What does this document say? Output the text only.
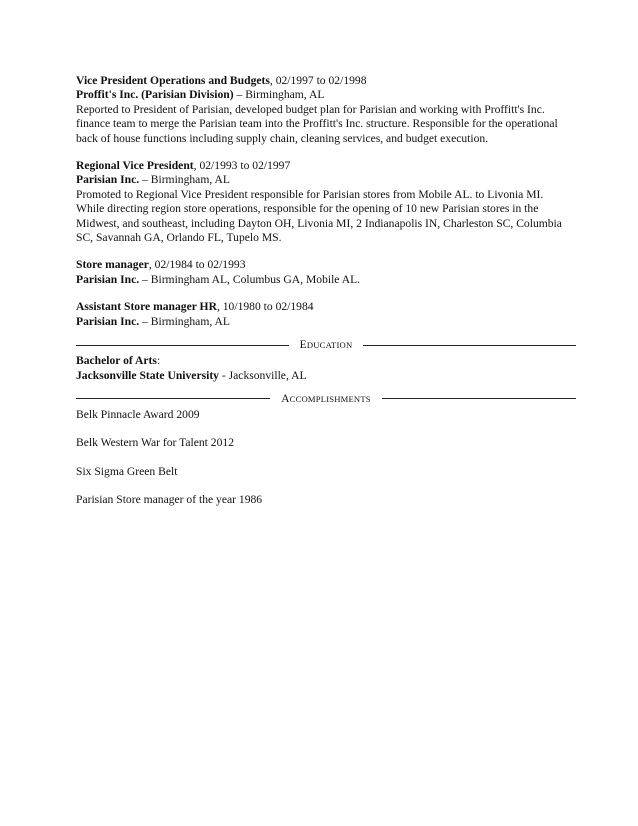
Vice President Operations and Budgets, 02/1997 to 02/1998
Proffit's Inc. (Parisian Division) – Birmingham, AL
Reported to President of Parisian, developed budget plan for Parisian and working with Proffitt's Inc.
finance team to merge the Parisian team into the Proffitt's Inc. structure. Responsible for the operational
back of house functions including supply chain, cleaning services, and budget execution.
Regional Vice President, 02/1993 to 02/1997
Parisian Inc. – Birmingham, AL
Promoted to Regional Vice President responsible for Parisian stores from Mobile AL. to Livonia MI.
While directing region store operations, responsible for the opening of 10 new Parisian stores in the
Midwest, and southeast, including Dayton OH, Livonia MI, 2 Indianapolis IN, Charleston SC, Columbia
SC, Savannah GA, Orlando FL, Tupelo MS.
Store manager, 02/1984 to 02/1993
Parisian Inc. – Birmingham AL, Columbus GA, Mobile AL.
Assistant Store manager HR, 10/1980 to 02/1984
Parisian Inc. – Birmingham, AL
EDUCATION
Bachelor of Arts:
Jacksonville State University - Jacksonville, AL
ACCOMPLISHMENTS
Belk Pinnacle Award 2009
Belk Western War for Talent 2012
Six Sigma Green Belt
Parisian Store manager of the year 1986
